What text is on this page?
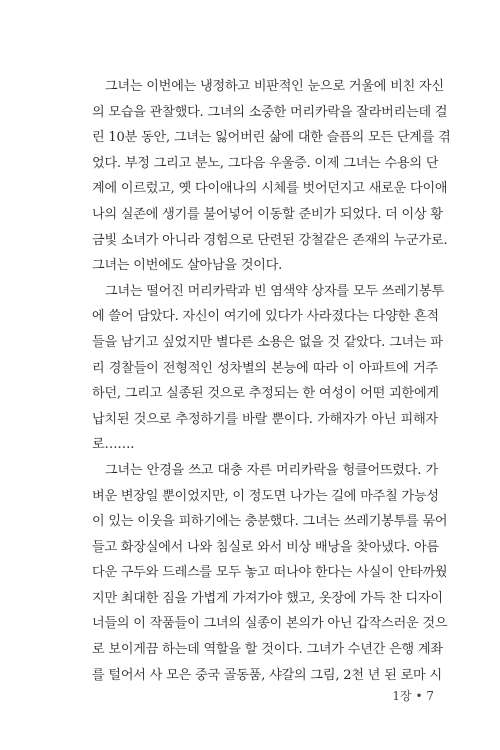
그녀는 이번에는 냉정하고 비판적인 눈으로 거울에 비친 자신
의 모습을 관찰했다. 그녀의 소중한 머리카락을 잘라버리는데 걸
린 10분 동안, 그녀는 잃어버린 삶에 대한 슬픔의 모든 단계를 겪
었다. 부정 그리고 분노, 그다음 우울증. 이제 그녀는 수용의 단
계에 이르렀고, 옛 다이애나의 시체를 벗어던지고 새로운 다이애
나의 실존에 생기를 불어넣어 이동할 준비가 되었다. 더 이상 황
금빛 소녀가 아니라 경험으로 단련된 강철같은 존재의 누군가로.
그녀는 이번에도 살아남을 것이다.
그녀는 떨어진 머리카락과 빈 염색약 상자를 모두 쓰레기봉투
에 쓸어 담았다. 자신이 여기에 있다가 사라졌다는 다양한 흔적
들을 남기고 싶었지만 별다른 소용은 없을 것 같았다. 그녀는 파
리 경찰들이 전형적인 성차별의 본능에 따라 이 아파트에 거주
하던, 그리고 실종된 것으로 추정되는 한 여성이 어떤 괴한에게
납치된 것으로 추정하기를 바랄 뿐이다. 가해자가 아닌 피해자
로…….
그녀는 안경을 쓰고 대충 자른 머리카락을 헝클어뜨렸다. 가
벼운 변장일 뿐이었지만, 이 정도면 나가는 길에 마주칠 가능성
이 있는 이웃을 피하기에는 충분했다. 그녀는 쓰레기봉투를 묶어
들고 화장실에서 나와 침실로 와서 비상 배낭을 찾아냈다. 아름
다운 구두와 드레스를 모두 놓고 떠나야 한다는 사실이 안타까웠
지만 최대한 짐을 가볍게 가져가야 했고, 옷장에 가득 찬 디자이
너들의 이 작품들이 그녀의 실종이 본의가 아닌 갑작스러운 것으
로 보이게끔 하는데 역할을 할 것이다. 그녀가 수년간 은행 계좌
를 털어서 사 모은 중국 골동품, 샤갈의 그림, 2천 년 된 로마 시
1장 • 7
